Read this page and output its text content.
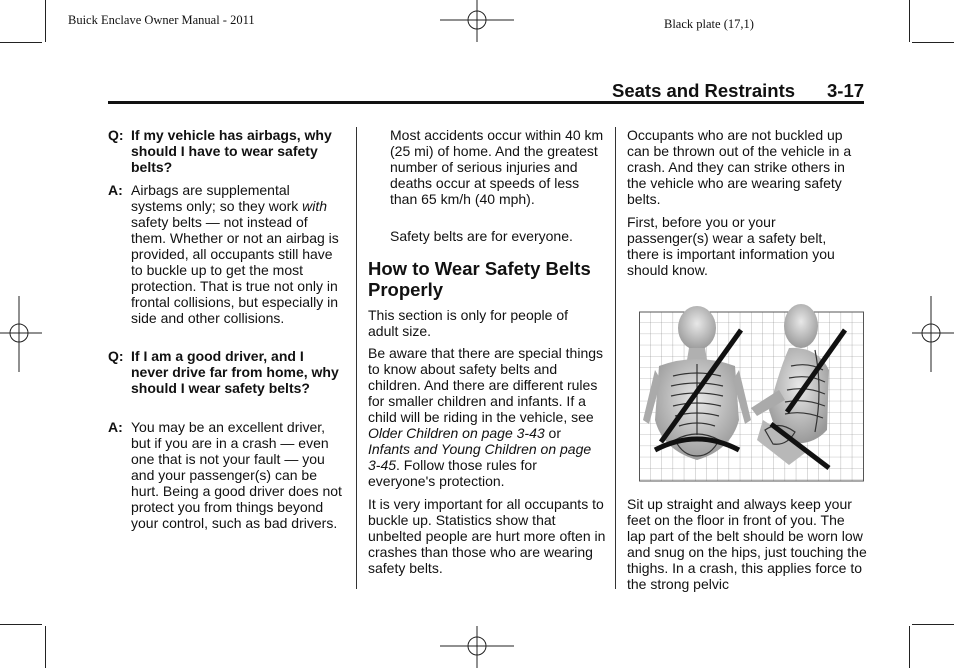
Buick Enclave Owner Manual - 2011	Black plate (17,1)
Seats and Restraints 3-17
Q: If my vehicle has airbags, why should I have to wear safety belts?
A: Airbags are supplemental systems only; so they work with safety belts — not instead of them. Whether or not an airbag is provided, all occupants still have to buckle up to get the most protection. That is true not only in frontal collisions, but especially in side and other collisions.
Q: If I am a good driver, and I never drive far from home, why should I wear safety belts?
A: You may be an excellent driver, but if you are in a crash — even one that is not your fault — you and your passenger(s) can be hurt. Being a good driver does not protect you from things beyond your control, such as bad drivers.
Most accidents occur within 40 km (25 mi) of home. And the greatest number of serious injuries and deaths occur at speeds of less than 65 km/h (40 mph).
Safety belts are for everyone.
How to Wear Safety Belts Properly
This section is only for people of adult size.
Be aware that there are special things to know about safety belts and children. And there are different rules for smaller children and infants. If a child will be riding in the vehicle, see Older Children on page 3-43 or Infants and Young Children on page 3-45. Follow those rules for everyone's protection.
It is very important for all occupants to buckle up. Statistics show that unbelted people are hurt more often in crashes than those who are wearing safety belts.
Occupants who are not buckled up can be thrown out of the vehicle in a crash. And they can strike others in the vehicle who are wearing safety belts.
First, before you or your passenger(s) wear a safety belt, there is important information you should know.
Sit up straight and always keep your feet on the floor in front of you. The lap part of the belt should be worn low and snug on the hips, just touching the thighs. In a crash, this applies force to the strong pelvic
